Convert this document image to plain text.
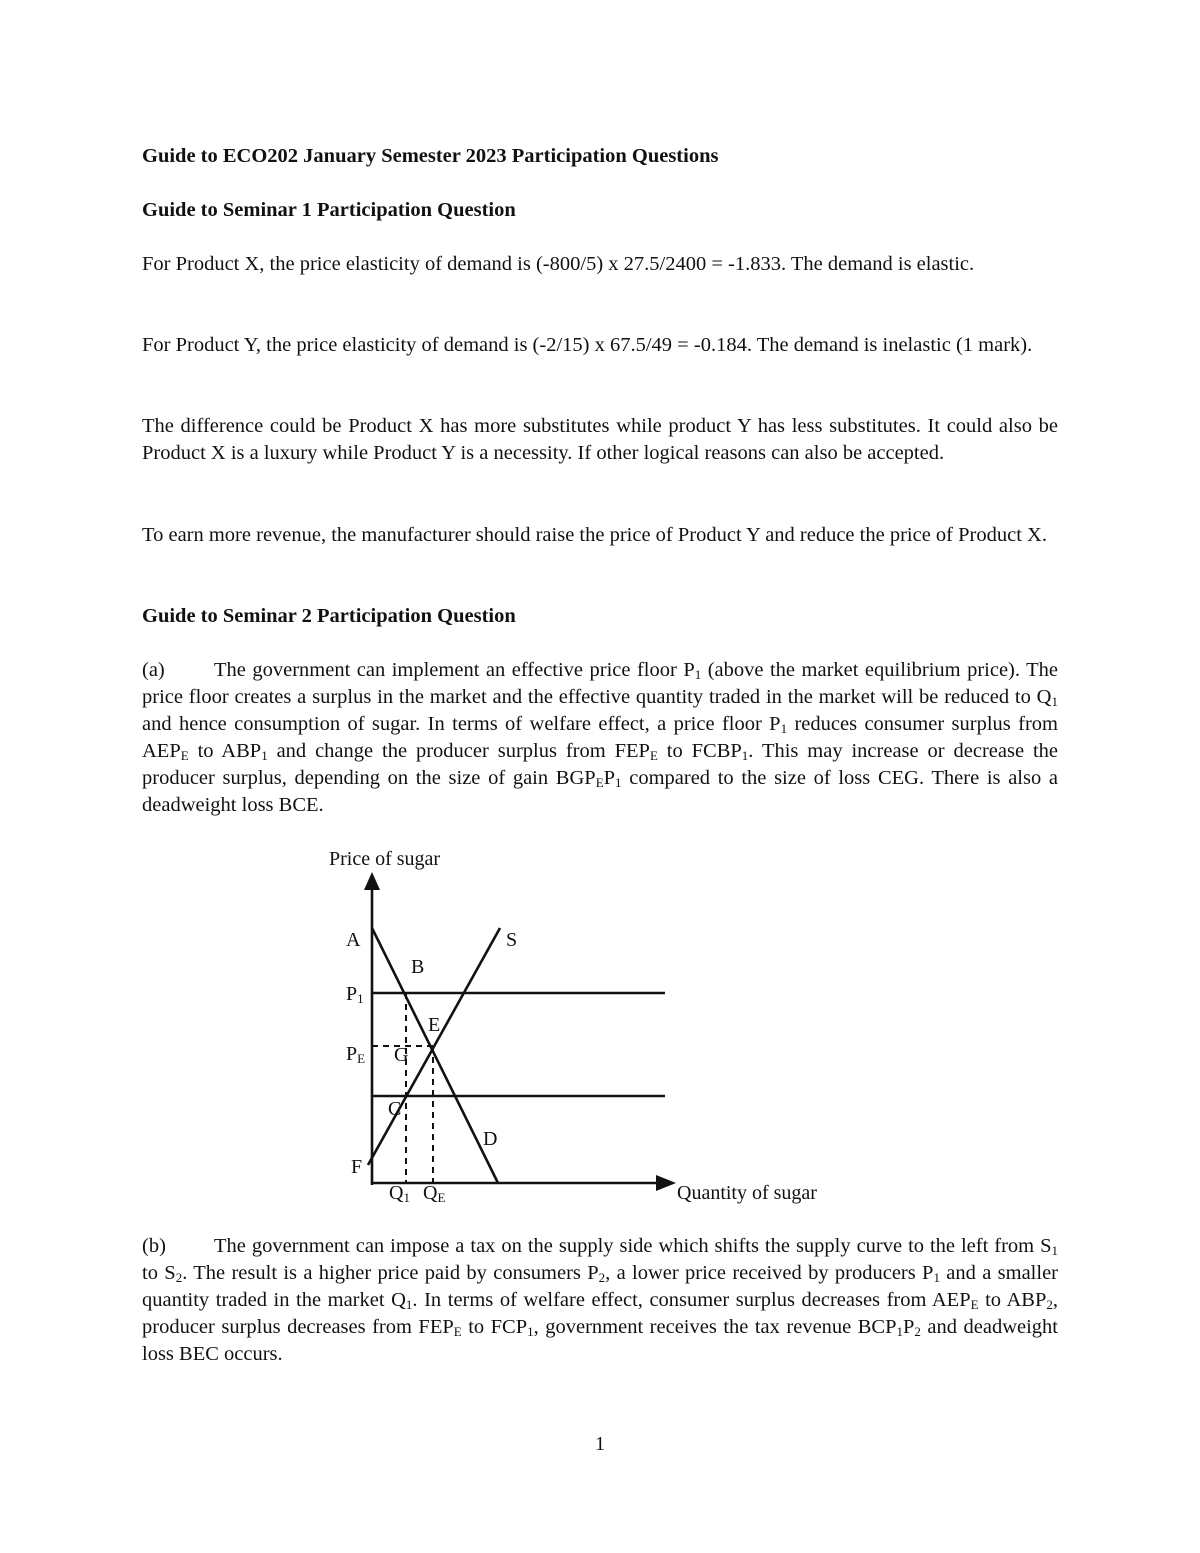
Guide to ECO202 January Semester 2023 Participation Questions
Guide to Seminar 1 Participation Question
For Product X, the price elasticity of demand is (-800/5) x 27.5/2400 = -1.833. The demand is elastic.
For Product Y, the price elasticity of demand is (-2/15) x 67.5/49 = -0.184. The demand is inelastic (1 mark).
The difference could be Product X has more substitutes while product Y has less substitutes. It could also be Product X is a luxury while Product Y is a necessity. If other logical reasons can also be accepted.
To earn more revenue, the manufacturer should raise the price of Product Y and reduce the price of Product X.
Guide to Seminar 2 Participation Question
(a) The government can implement an effective price floor $P_1$ (above the market equilibrium price). The price floor creates a surplus in the market and the effective quantity traded in the market will be reduced to $Q_1$ and hence consumption of sugar. In terms of welfare effect, a price floor $P_1$ reduces consumer surplus from $AEP_E$ to $ABP_1$ and change the producer surplus from $FEP_E$ to $FCBP_1$. This may increase or decrease the producer surplus, depending on the size of gain $BGP_EP_1$ compared to the size of loss CEG. There is also a deadweight loss BCE.
Price of sugar
Quantity of sugar
A
B
S
E
G
C
D
F
$P_1$
$P_E$
$Q_1$ $Q_E$
(b) The government can impose a tax on the supply side which shifts the supply curve to the left from $S_1$ to $S_2$. The result is a higher price paid by consumers $P_2$, a lower price received by producers $P_1$ and a smaller quantity traded in the market $Q_1$. In terms of welfare effect, consumer surplus decreases from $AEP_E$ to $ABP_2$, producer surplus decreases from $FEP_E$ to $FCP_1$, government receives the tax revenue $BCP_1P_2$ and deadweight loss BEC occurs.
1
